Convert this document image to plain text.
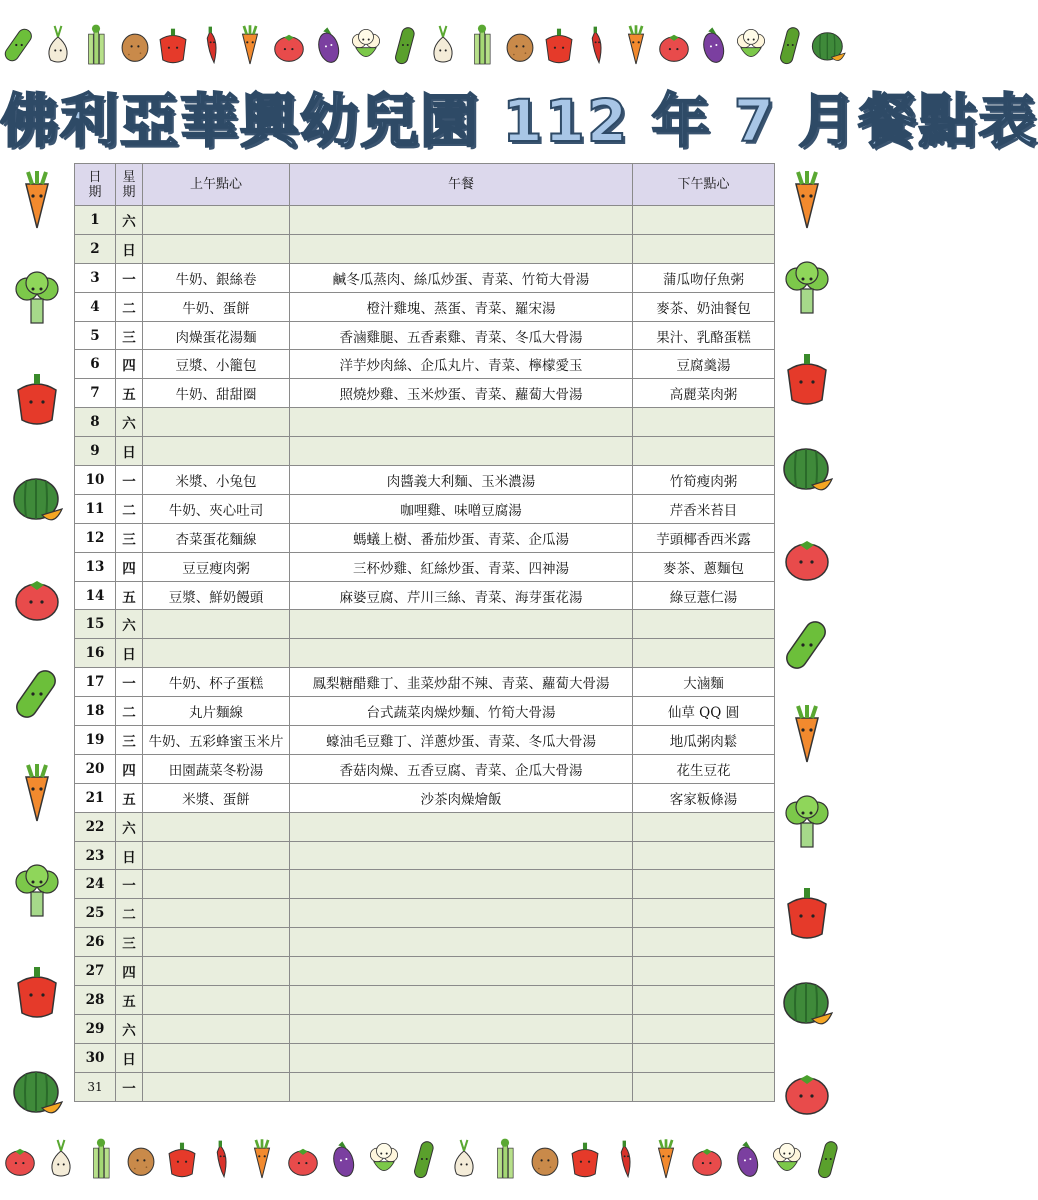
佛利亞華興幼兒園 112 年 7 月餐點表
日期	星期	上午點心	午餐	下午點心
1	六			
2	日			
3	一	牛奶、銀絲卷	鹹冬瓜蒸肉、絲瓜炒蛋、青菜、竹筍大骨湯	蒲瓜吻仔魚粥
4	二	牛奶、蛋餅	橙汁雞塊、蒸蛋、青菜、羅宋湯	麥茶、奶油餐包
5	三	肉燥蛋花湯麵	香滷雞腿、五香素雞、青菜、冬瓜大骨湯	果汁、乳酪蛋糕
6	四	豆漿、小籠包	洋芋炒肉絲、企瓜丸片、青菜、檸檬愛玉	豆腐羹湯
7	五	牛奶、甜甜圈	照燒炒雞、玉米炒蛋、青菜、蘿蔔大骨湯	高麗菜肉粥
8	六			
9	日			
10	一	米漿、小兔包	肉醬義大利麵、玉米濃湯	竹筍瘦肉粥
11	二	牛奶、夾心吐司	咖哩雞、味噌豆腐湯	芹香米苔目
12	三	杏菜蛋花麵線	螞蟻上樹、番茄炒蛋、青菜、企瓜湯	芋頭椰香西米露
13	四	豆豆瘦肉粥	三杯炒雞、紅絲炒蛋、青菜、四神湯	麥茶、蔥麵包
14	五	豆漿、鮮奶饅頭	麻婆豆腐、芹川三絲、青菜、海芽蛋花湯	綠豆薏仁湯
15	六			
16	日			
17	一	牛奶、杯子蛋糕	鳳梨糖醋雞丁、韭菜炒甜不辣、青菜、蘿蔔大骨湯	大滷麵
18	二	丸片麵線	台式蔬菜肉燥炒麵、竹筍大骨湯	仙草 QQ 圓
19	三	牛奶、五彩蜂蜜玉米片	蠔油毛豆雞丁、洋蔥炒蛋、青菜、冬瓜大骨湯	地瓜粥肉鬆
20	四	田園蔬菜冬粉湯	香菇肉燥、五香豆腐、青菜、企瓜大骨湯	花生豆花
21	五	米漿、蛋餅	沙茶肉燥燴飯	客家粄條湯
22	六			
23	日			
24	一			
25	二			
26	三			
27	四			
28	五			
29	六			
30	日			
31	一			
